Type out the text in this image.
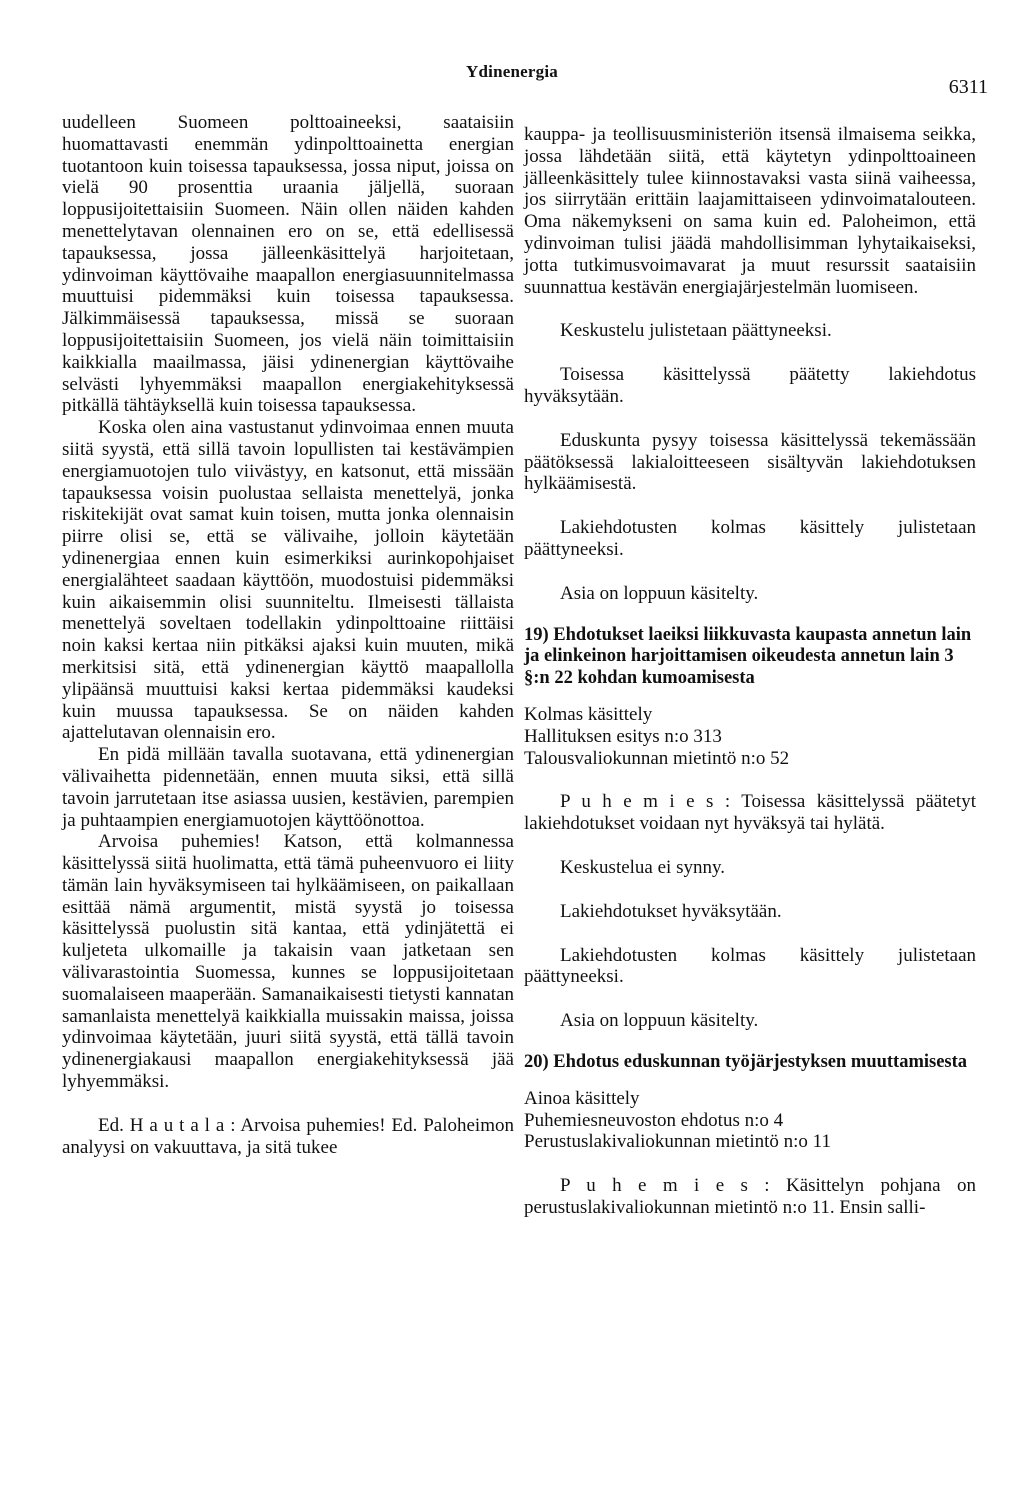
Ydinenergia
6311

uudelleen Suomeen polttoaineeksi, saataisiin huomattavasti enemmän ydinpolttoainetta energian tuotantoon kuin toisessa tapauksessa, jossa niput, joissa on vielä 90 prosenttia uraania jäljellä, suoraan loppusijoitettaisiin Suomeen. Näin ollen näiden kahden menettelytavan olennainen ero on se, että edellisessä tapauksessa, jossa jälleenkäsittelyä harjoitetaan, ydinvoiman käyttövaihe maapallon energiasuunnitelmassa muuttuisi pidemmäksi kuin toisessa tapauksessa. Jälkimmäisessä tapauksessa, missä se suoraan loppusijoitettaisiin Suomeen, jos vielä näin toimittaisiin kaikkialla maailmassa, jäisi ydinenergian käyttövaihe selvästi lyhyemmäksi maapallon energiakehityksessä pitkällä tähtäyksellä kuin toisessa tapauksessa.

Koska olen aina vastustanut ydinvoimaa ennen muuta siitä syystä, että sillä tavoin lopullisten tai kestävämpien energiamuotojen tulo viivästyy, en katsonut, että missään tapauksessa voisin puolustaa sellaista menettelyä, jonka riskitekijät ovat samat kuin toisen, mutta jonka olennaisin piirre olisi se, että se välivaihe, jolloin käytetään ydinenergiaa ennen kuin esimerkiksi aurinkopohjaiset energialähteet saadaan käyttöön, muodostuisi pidemmäksi kuin aikaisemmin olisi suunniteltu. Ilmeisesti tällaista menettelyä soveltaen todellakin ydinpolttoaine riittäisi noin kaksi kertaa niin pitkäksi ajaksi kuin muuten, mikä merkitsisi sitä, että ydinenergian käyttö maapallolla ylipäänsä muuttuisi kaksi kertaa pidemmäksi kaudeksi kuin muussa tapauksessa. Se on näiden kahden ajattelutavan olennaisin ero.

En pidä millään tavalla suotavana, että ydinenergian välivaihetta pidennetään, ennen muuta siksi, että sillä tavoin jarrutetaan itse asiassa uusien, kestävien, parempien ja puhtaampien energiamuotojen käyttöönottoa.

Arvoisa puhemies! Katson, että kolmannessa käsittelyssä siitä huolimatta, että tämä puheenvuoro ei liity tämän lain hyväksymiseen tai hylkäämiseen, on paikallaan esittää nämä argumentit, mistä syystä jo toisessa käsittelyssä puolustin sitä kantaa, että ydinjätettä ei kuljeteta ulkomaille ja takaisin vaan jatketaan sen välivarastointia Suomessa, kunnes se loppusijoitetaan suomalaiseen maaperään. Samanaikaisesti tietysti kannatan samanlaista menettelyä kaikkialla muissakin maissa, joissa ydinvoimaa käytetään, juuri siitä syystä, että tällä tavoin ydinenergiakausi maapallon energiakehityksessä jää lyhyemmäksi.

Ed. H a u t a l a : Arvoisa puhemies! Ed. Paloheimon analyysi on vakuuttava, ja sitä tukee

kauppa- ja teollisuusministeriön itsensä ilmaisema seikka, jossa lähdetään siitä, että käytetyn ydinpolttoaineen jälleenkäsittely tulee kiinnostavaksi vasta siinä vaiheessa, jos siirrytään erittäin laajamittaiseen ydinvoimatalouteen. Oma näkemykseni on sama kuin ed. Paloheimon, että ydinvoiman tulisi jäädä mahdollisimman lyhytaikaiseksi, jotta tutkimusvoimavarat ja muut resurssit saataisiin suunnattua kestävän energiajärjestelmän luomiseen.

Keskustelu julistetaan päättyneeksi.

Toisessa käsittelyssä päätetty lakiehdotus hyväksytään.

Eduskunta pysyy toisessa käsittelyssä tekemässään päätöksessä lakialoitteeseen sisältyvän lakiehdotuksen hylkäämisestä.

Lakiehdotusten kolmas käsittely julistetaan päättyneeksi.

Asia on loppuun käsitelty.

19) Ehdotukset laeiksi liikkuvasta kaupasta annetun lain ja elinkeinon harjoittamisen oikeudesta annetun lain 3 §:n 22 kohdan kumoamisesta

Kolmas käsittely

Hallituksen esitys n:o 313

Talousvaliokunnan mietintö n:o 52

P u h e m i e s : Toisessa käsittelyssä päätetyt lakiehdotukset voidaan nyt hyväksyä tai hylätä.

Keskustelua ei synny.

Lakiehdotukset hyväksytään.

Lakiehdotusten kolmas käsittely julistetaan päättyneeksi.

Asia on loppuun käsitelty.

20) Ehdotus eduskunnan työjärjestyksen muuttamisesta

Ainoa käsittely

Puhemiesneuvoston ehdotus n:o 4

Perustuslakivaliokunnan mietintö n:o 11

P u h e m i e s : Käsittelyn pohjana on perustuslakivaliokunnan mietintö n:o 11. Ensin salli-
